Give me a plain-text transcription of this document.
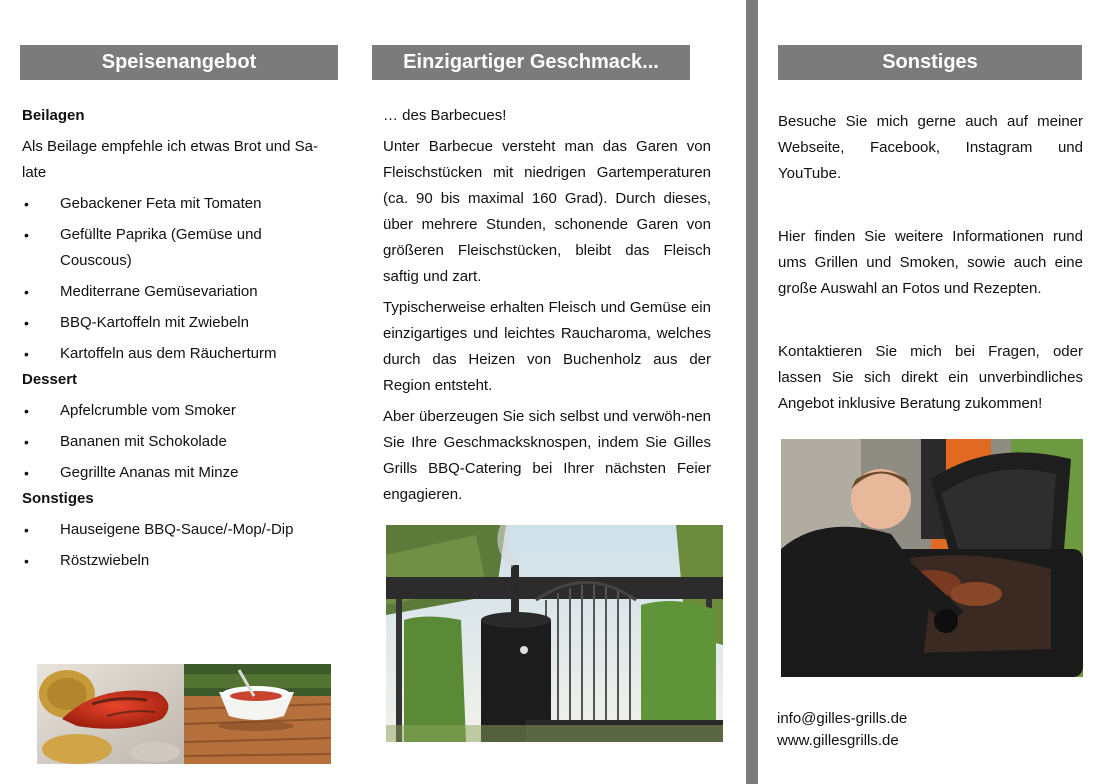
Speisenangebot
Beilagen
Als Beilage empfehle ich etwas Brot und Sa-late
• Gebackener Feta mit Tomaten
• Gefüllte Paprika (Gemüse und Couscous)
• Mediterrane Gemüsevariation
• BBQ-Kartoffeln mit Zwiebeln
• Kartoffeln aus dem Räucherturm
Dessert
• Apfelcrumble vom Smoker
• Bananen mit Schokolade
• Gegrillte Ananas mit Minze
Sonstiges
• Hauseigene BBQ-Sauce/-Mop/-Dip
• Röstzwiebeln
Einzigartiger Geschmack...

… des Barbecues!

Unter Barbecue versteht man das Garen von Fleischstücken mit niedrigen Gartemperaturen (ca. 90 bis maximal 160 Grad). Durch dieses, über mehrere Stunden, schonende Garen von größeren Fleischstücken, bleibt das Fleisch saftig und zart.

Typischerweise erhalten Fleisch und Gemüse ein einzigartiges und leichtes Raucharoma, welches durch das Heizen von Buchenholz aus der Region entsteht.

Aber überzeugen Sie sich selbst und verwöh-nen Sie Ihre Geschmacksknospen, indem Sie Gilles Grills BBQ-Catering bei Ihrer nächsten Feier engagieren.

Sonstiges

Besuche Sie mich gerne auch auf meiner Webseite, Facebook, Instagram und YouTube.

Hier finden Sie weitere Informationen rund ums Grillen und Smoken, sowie auch eine große Auswahl an Fotos und Rezepten.

Kontaktieren Sie mich bei Fragen, oder lassen Sie sich direkt ein unverbindliches Angebot inklusive Beratung zukommen!

info@gilles-grills.de
www.gillesgrills.de
